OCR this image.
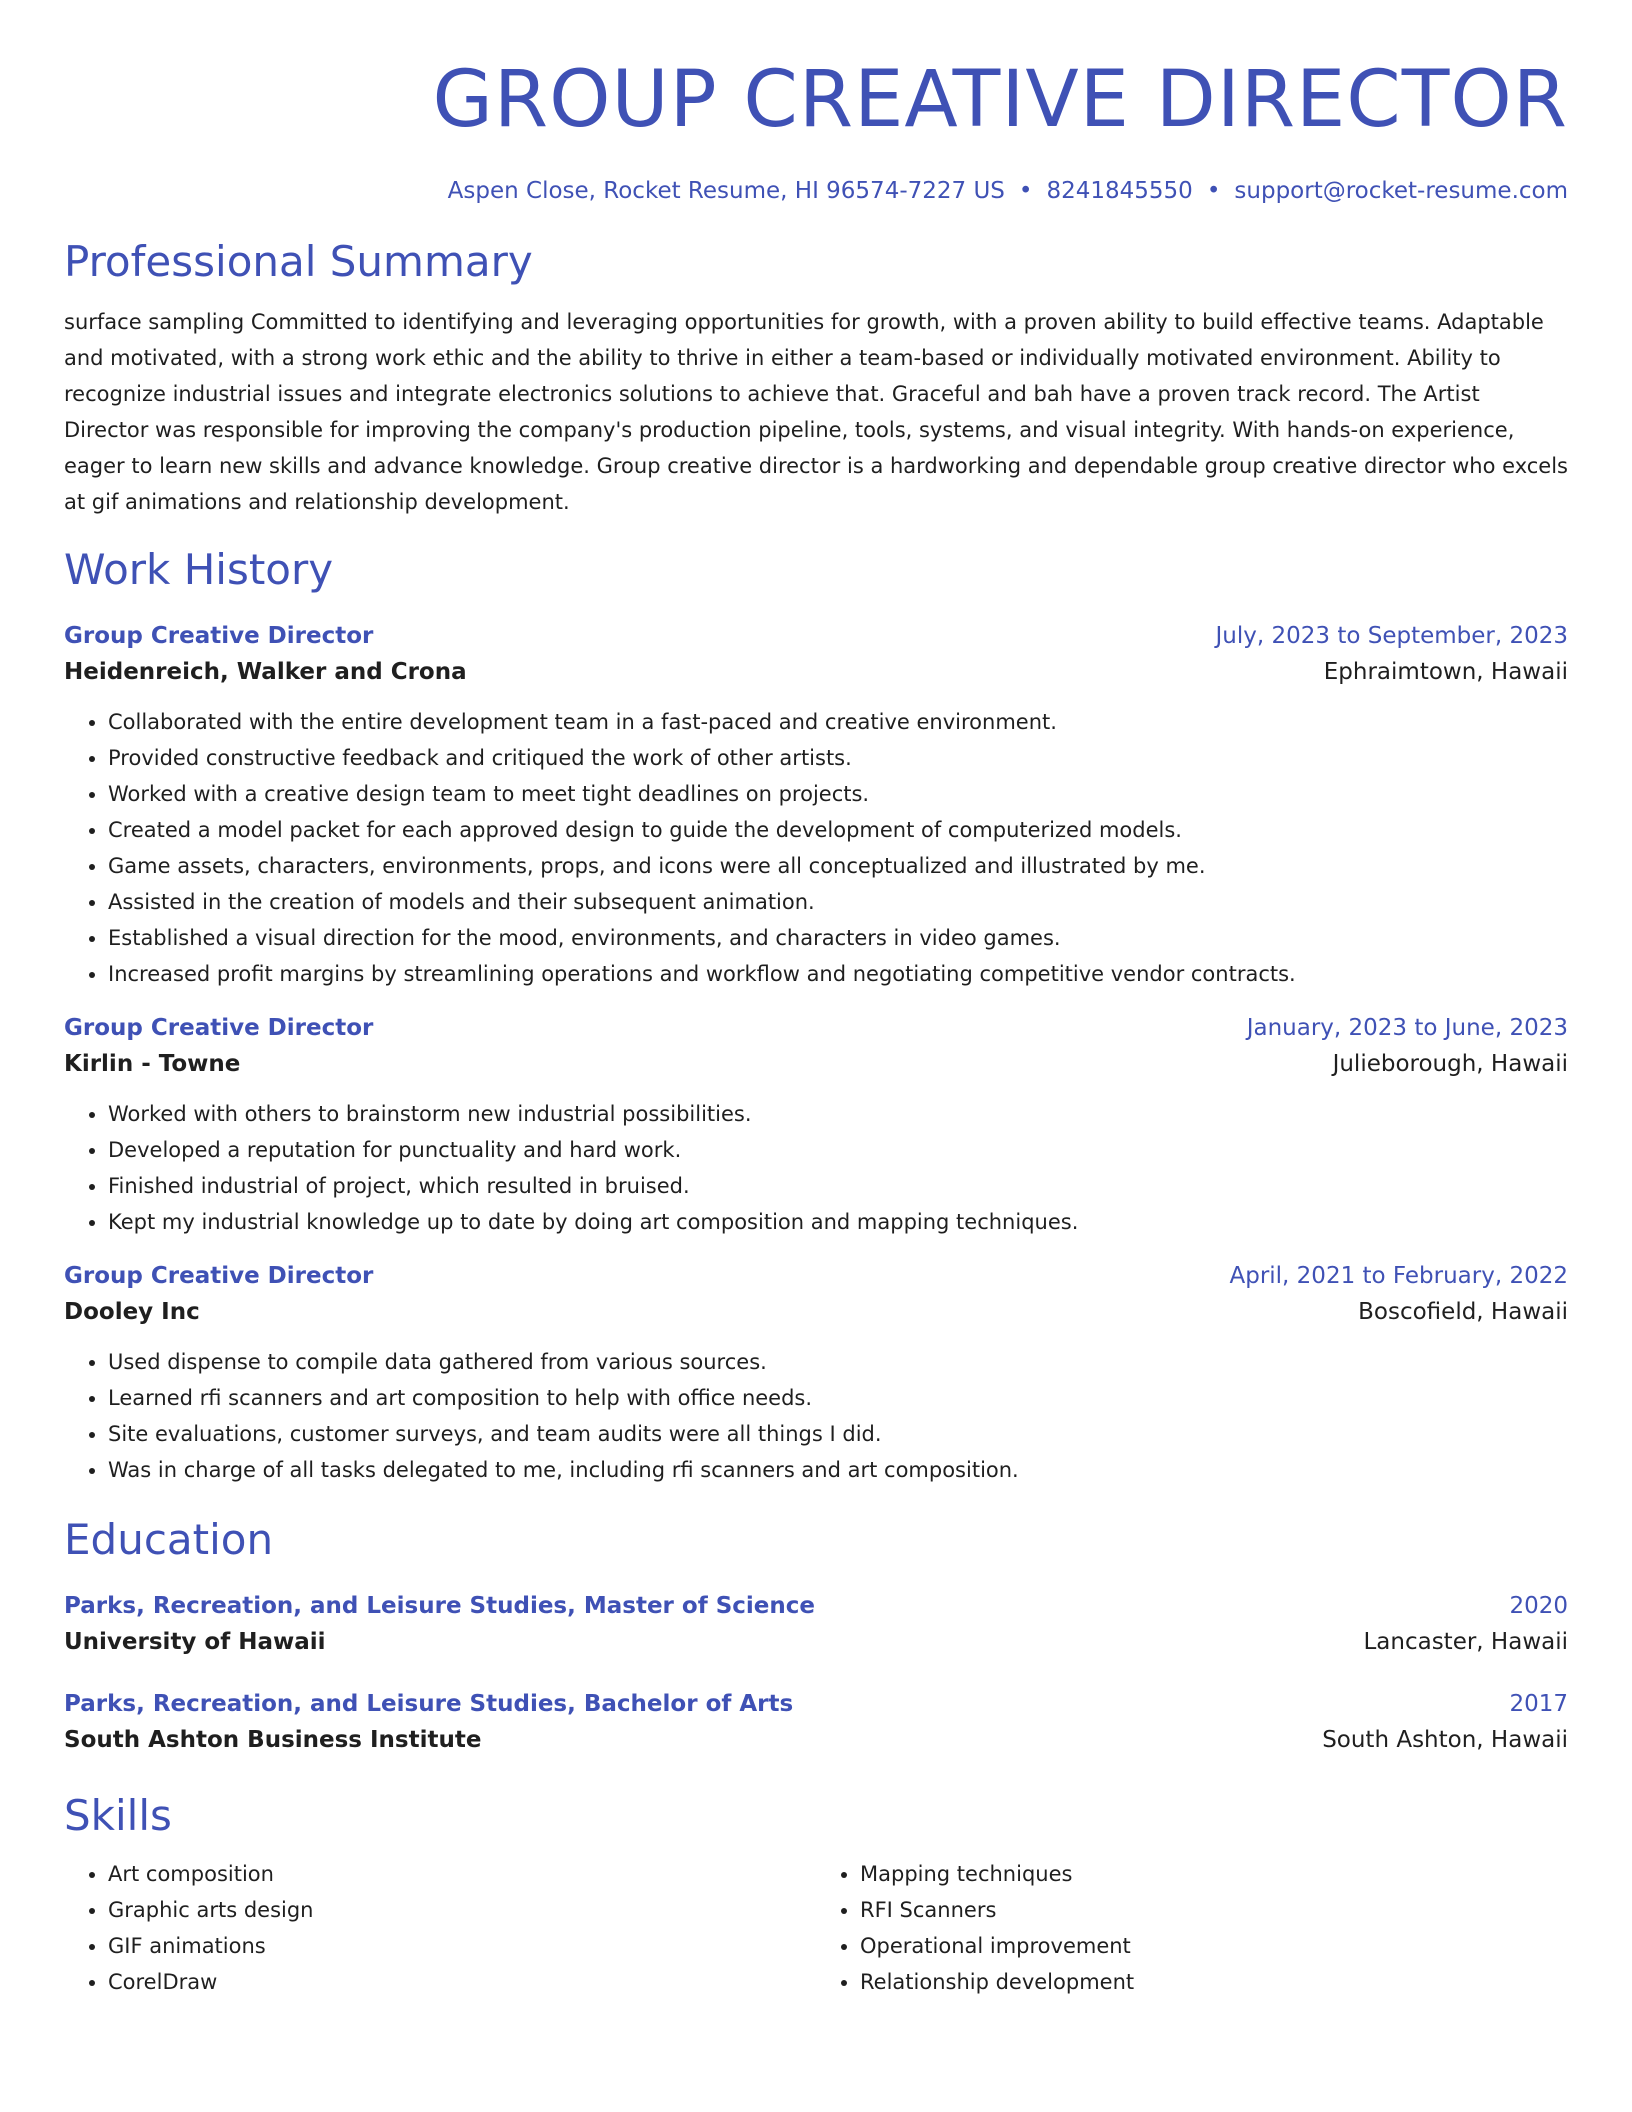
GROUP CREATIVE DIRECTOR
Aspen Close, Rocket Resume, HI 96574-7227 US • 8241845550 • support@rocket-resume.com
Professional Summary

surface sampling Committed to identifying and leveraging opportunities for growth, with a proven ability to build effective teams. Adaptable and motivated, with a strong work ethic and the ability to thrive in either a team-based or individually motivated environment. Ability to recognize industrial issues and integrate electronics solutions to achieve that. Graceful and bah have a proven track record. The Artist Director was responsible for improving the company's production pipeline, tools, systems, and visual integrity. With hands-on experience, eager to learn new skills and advance knowledge. Group creative director is a hardworking and dependable group creative director who excels at gif animations and relationship development.

Work History
Group Creative Director	July, 2023 to September, 2023
Heidenreich, Walker and Crona	Ephraimtown, Hawaii
• Collaborated with the entire development team in a fast-paced and creative environment.
• Provided constructive feedback and critiqued the work of other artists.
• Worked with a creative design team to meet tight deadlines on projects.
• Created a model packet for each approved design to guide the development of computerized models.
• Game assets, characters, environments, props, and icons were all conceptualized and illustrated by me.
• Assisted in the creation of models and their subsequent animation.
• Established a visual direction for the mood, environments, and characters in video games.
• Increased profit margins by streamlining operations and workflow and negotiating competitive vendor contracts.
Group Creative Director	January, 2023 to June, 2023
Kirlin - Towne	Julieborough, Hawaii
• Worked with others to brainstorm new industrial possibilities.
• Developed a reputation for punctuality and hard work.
• Finished industrial of project, which resulted in bruised.
• Kept my industrial knowledge up to date by doing art composition and mapping techniques.
Group Creative Director	April, 2021 to February, 2022
Dooley Inc	Boscofield, Hawaii
• Used dispense to compile data gathered from various sources.
• Learned rfi scanners and art composition to help with office needs.
• Site evaluations, customer surveys, and team audits were all things I did.
• Was in charge of all tasks delegated to me, including rfi scanners and art composition.
Education
Parks, Recreation, and Leisure Studies, Master of Science	2020
University of Hawaii	Lancaster, Hawaii
Parks, Recreation, and Leisure Studies, Bachelor of Arts	2017
South Ashton Business Institute	South Ashton, Hawaii
Skills
• Art composition
• Graphic arts design
• GIF animations
• CorelDraw
• Mapping techniques
• RFI Scanners
• Operational improvement
• Relationship development
